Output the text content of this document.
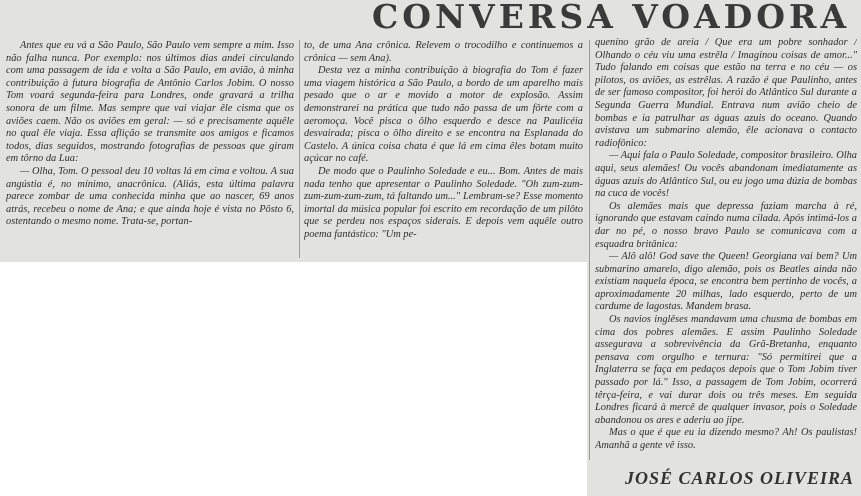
CONVERSA VOADORA

Antes que eu vá a São Paulo, São Paulo vem sempre a mim. Isso não falha nunca. Por exemplo: nos últimos dias andei circulando com uma passagem de ida e volta a São Paulo, em avião, à minha contribuição à futura biografia de Antônio Carlos Jobim. O nosso Tom voará segunda-feira para Londres, onde gravará a trilha sonora de um filme. Mas sempre que vai viajar êle cisma que os aviões caem. Não os aviões em geral: — só e precisamente aquêle no qual êle viaja. Essa aflição se transmite aos amigos e ficamos todos, dias seguidos, mostrando fotografias de pessoas que giram em tôrno da Lua:

— Olha, Tom. O pessoal deu 10 voltas lá em cima e voltou. A sua angústia é, no mínimo, anacrônica. (Aliás, esta última palavra parece zombar de uma conhecida minha que ao nascer, 69 anos atrás, recebeu o nome de Ana; e que ainda hoje é vista no Pôsto 6, ostentando o mesmo nome. Trata-se, portan-

to, de uma Ana crônica. Relevem o trocodilho e continuemos a crônica — sem Ana).

Desta vez a minha contribuição à biografia do Tom é fazer uma viagem histórica a São Paulo, a bordo de um aparelho mais pesado que o ar e movido a motor de explosão. Assim demonstrarei na prática que tudo não passa de um fôrte com a aeromoça. Você pisca o ôlho esquerdo e desce na Paulicéia desvairada; pisca o ôlho direito e se encontra na Esplanada do Castelo. A única coisa chata é que lá em cima êles botam muito açúcar no café.

De modo que o Paulinho Soledade e eu... Bom. Antes de mais nada tenho que apresentar o Paulinho Soledade. "Oh zum-zum-zum-zum-zum-zum, tá faltando um..." Lembram-se? Esse momento imortal da música popular foi escrito em recordação de um pilôto que se perdeu nos espaços siderais. E depois vem aquêle outro poema fantástico: "Um pe-

queníno grão de areia / Que era um pobre sonhador / Olhando o céu viu uma estrêla / Imaginou coisas de amor..." Tudo falando em coisas que estão na terra e no céu — os pilotos, os aviões, as estrêlas. A razão é que Paulinho, antes de ser famoso compositor, foi herói do Atlântico Sul durante a Segunda Guerra Mundial. Entrava num avião cheio de bombas e ia patrulhar as águas azuis do oceano. Quando avistava um submarino alemão, êle acionava o contacto radiofônico:

— Aqui fala o Paulo Soledade, compositor brasileiro. Olha aqui, seus alemães! Ou vocês abandonam imediatamente as águas azuis do Atlântico Sul, ou eu jogo uma dúzia de bombas na cuca de vocês!

Os alemães mais que depressa faziam marcha à ré, ignorando que estavam caindo numa cilada. Após intimá-los a dar no pé, o nosso bravo Paulo se comunicava com a esquadra britânica:

— Alô alô! God save the Queen! Georgiana vai bem? Um submarino amarelo, digo alemão, pois os Beatles ainda não existiam naquela época, se encontra bem pertinho de vocês, a aproximadamente 20 milhas, lado esquerdo, perto de um cardume de lagostas. Mandem brasa.

Os navios inglêses mandavam uma chusma de bombas em cima dos pobres alemães. E assim Paulinho Soledade assegurava a sobrevivência da Grã-Bretanha, enquanto pensava com orgulho e ternura: "Só permitirei que a Inglaterra se faça em pedaços depois que o Tom Jobim tiver passado por lá." Isso, a passagem de Tom Jobim, ocorrerá têrça-feira, e vai durar dois ou três meses. Em seguida Londres ficará à mercê de qualquer invasor, pois o Soledade abandonou os ares e aderiu ao jipe.

Mas o que é que eu ia dizendo mesmo? Ah! Os paulistas! Amanhã a gente vê isso.

JOSÉ CARLOS OLIVEIRA
